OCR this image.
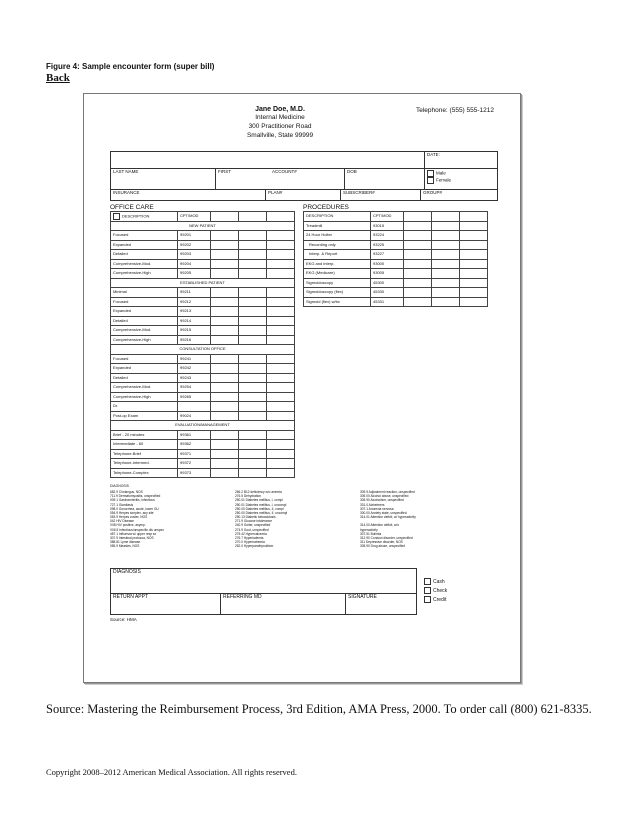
Figure 4: Sample encounter form (super bill)
Back
Jane Doe, M.D.
Internal Medicine
300 Practitioner Road
Smallville, State 99999
Telephone: (555) 555-1212
DATE:
LAST NAME	FIRST	ACCOUNT#	DOB	Male
Female
INSURANCE	PLAN#	SUBSCRIBER#	GROUP#
OFFICE CARE
DESCRIPTION	CPT/MOD			
NEW PATIENT				
Focused	99201			
Expanded	99202			
Detailed	99203			
Comprehensive-Mod.	99204			
Comprehensive-High	99205			
ESTABLISHED PATIENT				
Minimal	99211			
Focused	99212			
Expanded	99213			
Detailed	99214			
Comprehensive-Mod.	99215			
Comprehensive-High	99216			
CONSULTATION OFFICE				
Focused	99241			
Expanded	99242			
Detailed	99243			
Comprehensive-Mod.	99254			
Comprehensive-High	99265			
Dr.				
Post-op Exam	99024			
EVALUATION/MANAGEMENT				
Brief - 20 minutes	99361			
Intermediate - 60	99362			
Telephone-Brief	99371			
Telephone-Intermed.	99372			
Telephone-Complex	99373			
PROCEDURES
DESCRIPTION	CPT/MOD			
Treadmill	93015			
24 Hour Holter	93224			
Recording only	93225			
Interp. & Report	93227			
EKG and interp.	93000			
EKG (Medicare)	93005			
Sigmoidoscopy	45300			
Sigmoidoscopy (flex)	45330			
Sigmoid (flex) w/bx	45331			
DIAGNOSIS
682.9 Cholangus, NOS
711.9 Dermatomyositis, unspecified
009.1 Gastroenteritis, infectious
727.1 Giardiasis
098.0 Gonorrhea, acute, lower GU
054.9 Herpes simplex, any site
053.9 Herpes zoster, NOS
042 HIV Disease
V08 HIV positive, asymp.
V06.5 Infectious/unspecific dis unspec
487.1 Influenza w/ upper resp sx
307.9 Intestinal protozoa, NOS
088.81 Lyme disease
055.9 Measles, NOS
266.2 B12 deficiency w/o anemia
276.5 Dehydration
250.01 Diabetes mellitus, I, compl
250.01 Diabetes mellitus, I, uncompl
250.00 Diabetes mellitus, II, compl
250.00 Diabetes mellitus, II, uncompl
250.13 Diabetic ketoacidosis
271.9 Glucose intolerance
240.9 Goiter, unspecified
274.9 Gout, unspecified
275.42 Hypercalcemia
276.7 Hyperkalemia
270.0 Hypernatremia
252.0 Hyperparathyroidism
309.9 Adjustment reaction, unspecified
305.00 Alcohol abuse, unspecified
305.90 Alcoholism, unspecified
331.0 Alzheimers
307.1 Anorexia nervosa
300.00 Anxiety state, unspecified
314.01 Attention deficit, w/ hyperactivity

314.00 Attention deficit, w/o
hyperactivity
307.51 Bulimia
312.90 Conduct disorder, unspecified
311 Depressive disorder, NOS
305.90 Drug abuse, unspecified
DIAGNOSIS
RETURN APPT	REFERRING MD	SIGNATURE
Cash
Check
Credit
Source: HMA
Source: Mastering the Reimbursement Process, 3rd Edition, AMA Press, 2000. To order call (800) 621-8335.
Copyright 2008–2012 American Medical Association. All rights reserved.
